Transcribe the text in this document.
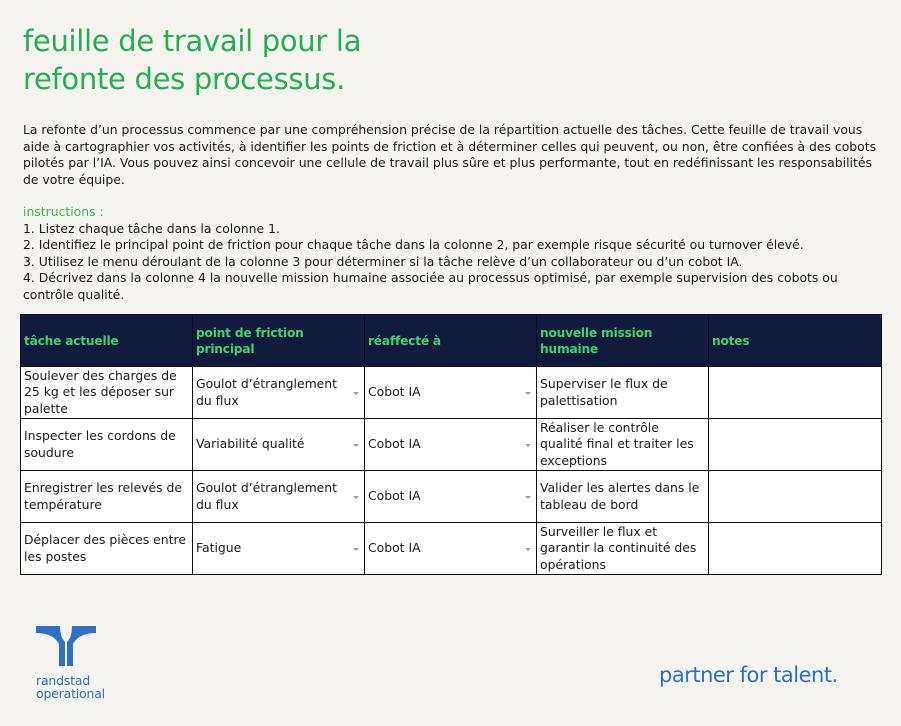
feuille de travail pour la
refonte des processus.

La refonte d’un processus commence par une compréhension précise de la répartition actuelle des tâches. Cette feuille de travail vous aide à cartographier vos activités, à identifier les points de friction et à déterminer celles qui peuvent, ou non, être confiées à des cobots pilotés par l’IA. Vous pouvez ainsi concevoir une cellule de travail plus sûre et plus performante, tout en redéfinissant les responsabilités de votre équipe.

instructions :
1. Listez chaque tâche dans la colonne 1.
2. Identifiez le principal point de friction pour chaque tâche dans la colonne 2, par exemple risque sécurité ou turnover élevé.
3. Utilisez le menu déroulant de la colonne 3 pour déterminer si la tâche relève d’un collaborateur ou d’un cobot IA.
4. Décrivez dans la colonne 4 la nouvelle mission humaine associée au processus optimisé, par exemple supervision des cobots ou contrôle qualité.
tâche actuelle	point de friction principal	réaffecté à	nouvelle mission humaine	notes
Soulever des charges de 25 kg et les déposer sur palette	Goulot d’étranglement du flux	Cobot IA	Superviser le flux de palettisation	
Inspecter les cordons de soudure	Variabilité qualité	Cobot IA	Réaliser le contrôle qualité final et traiter les exceptions	
Enregistrer les relevés de température	Goulot d’étranglement du flux	Cobot IA	Valider les alertes dans le tableau de bord	
Déplacer des pièces entre les postes	Fatigue	Cobot IA	Surveiller le flux et garantir la continuité des opérations	
randstad
operational
partner for talent.
